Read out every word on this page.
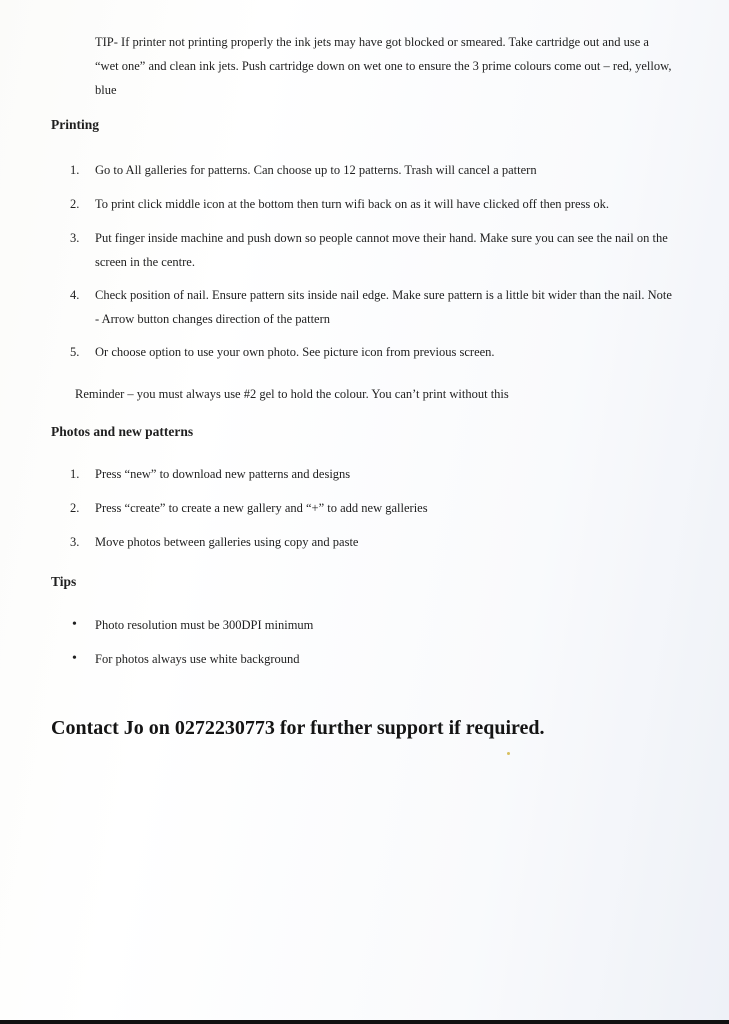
TIP- If printer not printing properly the ink jets may have got blocked or smeared. Take cartridge out and use a “wet one” and clean ink jets. Push cartridge down on wet one to ensure the 3 prime colours come out – red, yellow, blue

Printing
1.	Go to All galleries for patterns. Can choose up to 12 patterns. Trash will cancel a pattern
2.	To print click middle icon at the bottom then turn wifi back on as it will have clicked off then press ok.
3.	Put finger inside machine and push down so people cannot move their hand. Make sure you can see the nail on the screen in the centre.
4.	Check position of nail. Ensure pattern sits inside nail edge. Make sure pattern is a little bit wider than the nail. Note - Arrow button changes direction of the pattern
5.	Or choose option to use your own photo. See picture icon from previous screen.
Reminder – you must always use #2 gel to hold the colour. You can’t print without this
Photos and new patterns
1.	Press “new” to download new patterns and designs
2.	Press “create” to create a new gallery and “+” to add new galleries
3.	Move photos between galleries using copy and paste
Tips
•	Photo resolution must be 300DPI minimum
•	For photos always use white background
Contact Jo on 0272230773 for further support if required.
